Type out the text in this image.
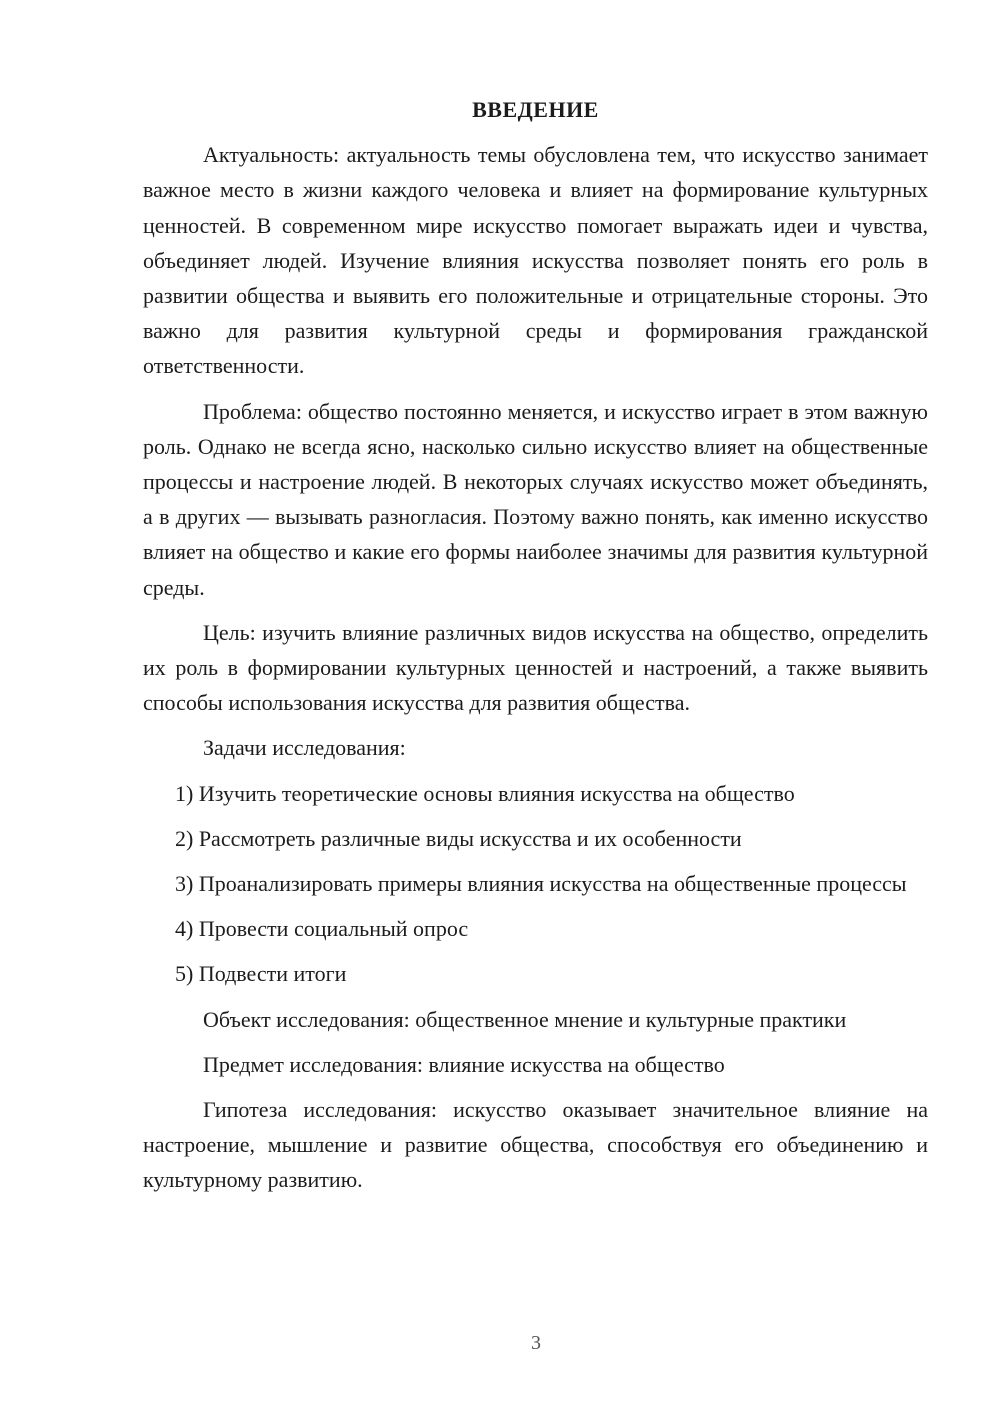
ВВЕДЕНИЕ

Актуальность: актуальность темы обусловлена тем, что искусство занимает важное место в жизни каждого человека и влияет на формирование культурных ценностей. В современном мире искусство помогает выражать идеи и чувства, объединяет людей. Изучение влияния искусства позволяет понять его роль в развитии общества и выявить его положительные и отрицательные стороны. Это важно для развития культурной среды и формирования гражданской ответственности.

Проблема: общество постоянно меняется, и искусство играет в этом важную роль. Однако не всегда ясно, насколько сильно искусство влияет на общественные процессы и настроение людей. В некоторых случаях искусство может объединять, а в других — вызывать разногласия. Поэтому важно понять, как именно искусство влияет на общество и какие его формы наиболее значимы для развития культурной среды.

Цель: изучить влияние различных видов искусства на общество, определить их роль в формировании культурных ценностей и настроений, а также выявить способы использования искусства для развития общества.

Задачи исследования:

1) Изучить теоретические основы влияния искусства на общество

2) Рассмотреть различные виды искусства и их особенности

3) Проанализировать примеры влияния искусства на общественные процессы

4) Провести социальный опрос

5) Подвести итоги

Объект исследования: общественное мнение и культурные практики

Предмет исследования: влияние искусства на общество

Гипотеза исследования: искусство оказывает значительное влияние на настроение, мышление и развитие общества, способствуя его объединению и культурному развитию.

3
